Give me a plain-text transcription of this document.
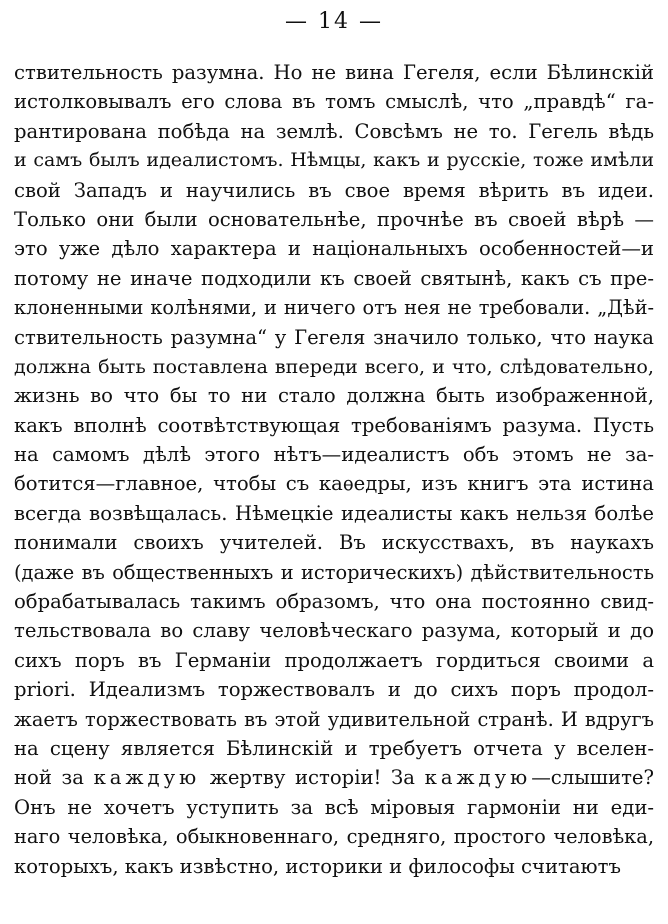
— 14 —
ствительность разумна. Но не вина Гегеля, если Бѣлинскій
истолковывалъ его слова въ томъ смыслѣ, что „правдѣ“ га-
рантирована побѣда на землѣ. Совсѣмъ не то. Гегель вѣдь
и самъ былъ идеалистомъ. Нѣмцы, какъ и русскіе, тоже имѣли
свой Западъ и научились въ свое время вѣрить въ идеи.
Только они были основательнѣе, прочнѣе въ своей вѣрѣ —
это уже дѣло характера и національныхъ особенностей—и
потому не иначе подходили къ своей святынѣ, какъ съ пре-
клоненными колѣнями, и ничего отъ нея не требовали. „Дѣй-
ствительность разумна“ у Гегеля значило только, что наука
должна быть поставлена впереди всего, и что, слѣдовательно,
жизнь во что бы то ни стало должна быть изображенной,
какъ вполнѣ соотвѣтствующая требованіямъ разума. Пусть
на самомъ дѣлѣ этого нѣтъ—идеалистъ объ этомъ не за-
ботится—главное, чтобы съ каѳедры, изъ книгъ эта истина
всегда возвѣщалась. Нѣмецкіе идеалисты какъ нельзя болѣе
понимали своихъ учителей. Въ искусствахъ, въ наукахъ
(даже въ общественныхъ и историческихъ) дѣйствительность
обрабатывалась такимъ образомъ, что она постоянно свид-
тельствовала во славу человѣческаго разума, который и до
сихъ поръ въ Германіи продолжаетъ гордиться своими a
priori. Идеализмъ торжествовалъ и до сихъ поръ продол-
жаетъ торжествовать въ этой удивительной странѣ. И вдругъ
на сцену является Бѣлинскій и требуетъ отчета у вселен-
ной за каждую жертву исторіи! За каждую—слышите?
Онъ не хочетъ уступить за всѣ міровыя гармоніи ни еди-
наго человѣка, обыкновеннаго, средняго, простого человѣка,
которыхъ, какъ извѣстно, историки и философы считаютъ
